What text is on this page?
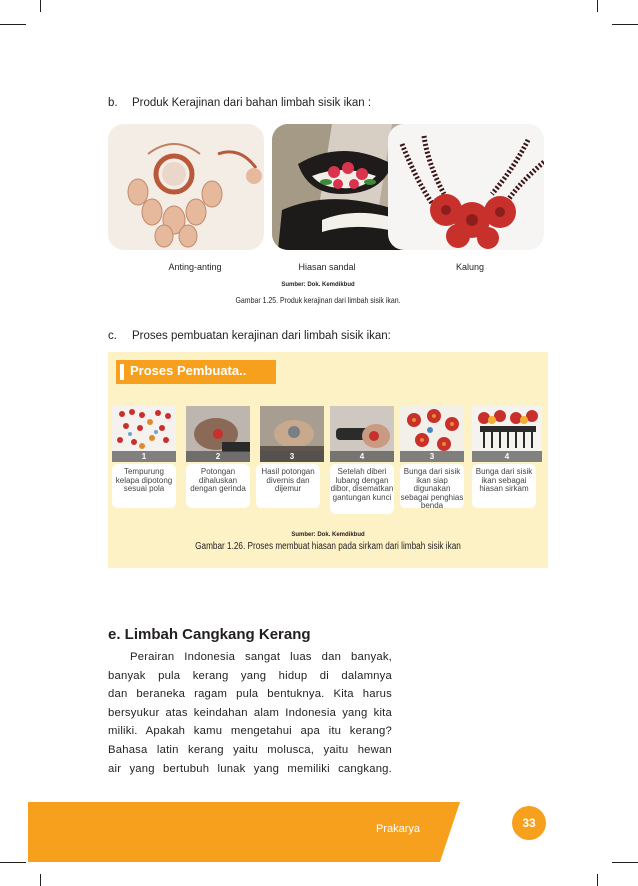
b. Produk Kerajinan dari bahan limbah sisik ikan :
Anting-anting	Hiasan sandal	Kalung
Sumber: Dok. Kemdikbud
Gambar 1.25. Produk kerajinan dari limbah sisik ikan.
c. Proses pembuatan kerajinan dari limbah sisik ikan:
Proses Pembuata..
1	2	3	4	3	4
Tempurung kelapa dipotong sesuai pola
Potongan dihaluskan dengan gerinda
Hasil potongan divernis dan dijemur
Setelah diberi lubang dengan dibor, disematkan gantungan kunci
Bunga dari sisik ikan siap digunakan sebagai penghias benda
Bunga dari sisik ikan sebagai hiasan sirkam
Sumber: Dok. Kemdikbud
Gambar 1.26. Proses membuat hiasan pada sirkam dari limbah sisik ikan
e. Limbah Cangkang Kerang
Perairan Indonesia sangat luas dan banyak,
banyak pula kerang yang hidup di dalamnya
dan beraneka ragam pula bentuknya. Kita harus
bersyukur atas keindahan alam Indonesia yang kita
miliki. Apakah kamu mengetahui apa itu kerang?
Bahasa latin kerang yaitu molusca, yaitu hewan
air yang bertubuh lunak yang memiliki cangkang.
Prakarya	33
